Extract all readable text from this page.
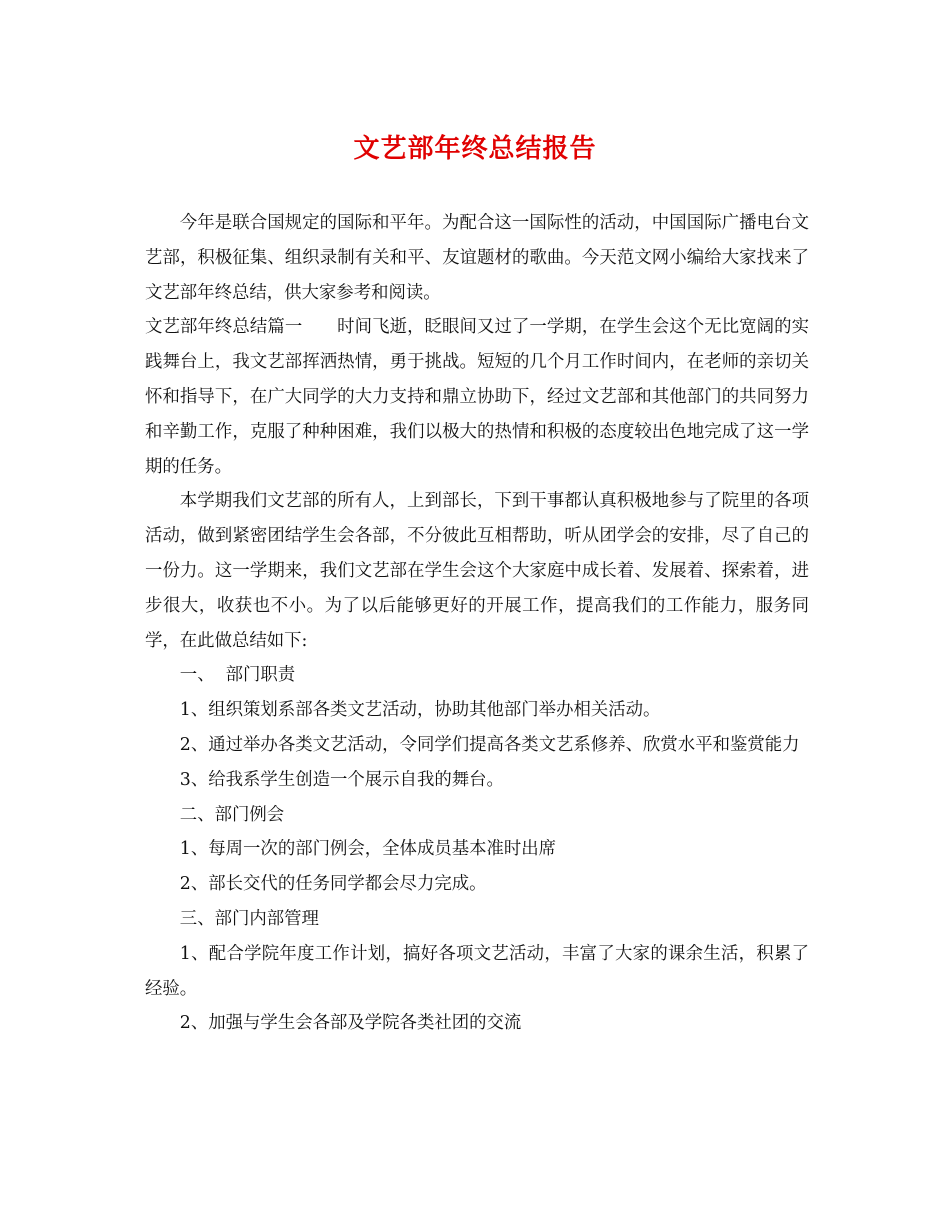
文艺部年终总结报告

今年是联合国规定的国际和平年。为配合这一国际性的活动，中国国际广播电台文艺部，积极征集、组织录制有关和平、友谊题材的歌曲。今天范文网小编给大家找来了文艺部年终总结，供大家参考和阅读。

文艺部年终总结篇一 时间飞逝，眨眼间又过了一学期，在学生会这个无比宽阔的实践舞台上，我文艺部挥洒热情，勇于挑战。短短的几个月工作时间内，在老师的亲切关怀和指导下，在广大同学的大力支持和鼎立协助下，经过文艺部和其他部门的共同努力和辛勤工作，克服了种种困难，我们以极大的热情和积极的态度较出色地完成了这一学期的任务。

本学期我们文艺部的所有人，上到部长，下到干事都认真积极地参与了院里的各项活动，做到紧密团结学生会各部，不分彼此互相帮助，听从团学会的安排，尽了自己的一份力。这一学期来，我们文艺部在学生会这个大家庭中成长着、发展着、探索着，进步很大，收获也不小。为了以后能够更好的开展工作，提高我们的工作能力，服务同学，在此做总结如下:

一、  部门职责

1、组织策划系部各类文艺活动，协助其他部门举办相关活动。

2、通过举办各类文艺活动，令同学们提高各类文艺系修养、欣赏水平和鉴赏能力

3、给我系学生创造一个展示自我的舞台。

二、部门例会

1、每周一次的部门例会，全体成员基本准时出席

2、部长交代的任务同学都会尽力完成。

三、部门内部管理

1、配合学院年度工作计划，搞好各项文艺活动，丰富了大家的课余生活，积累了经验。

2、加强与学生会各部及学院各类社团的交流
